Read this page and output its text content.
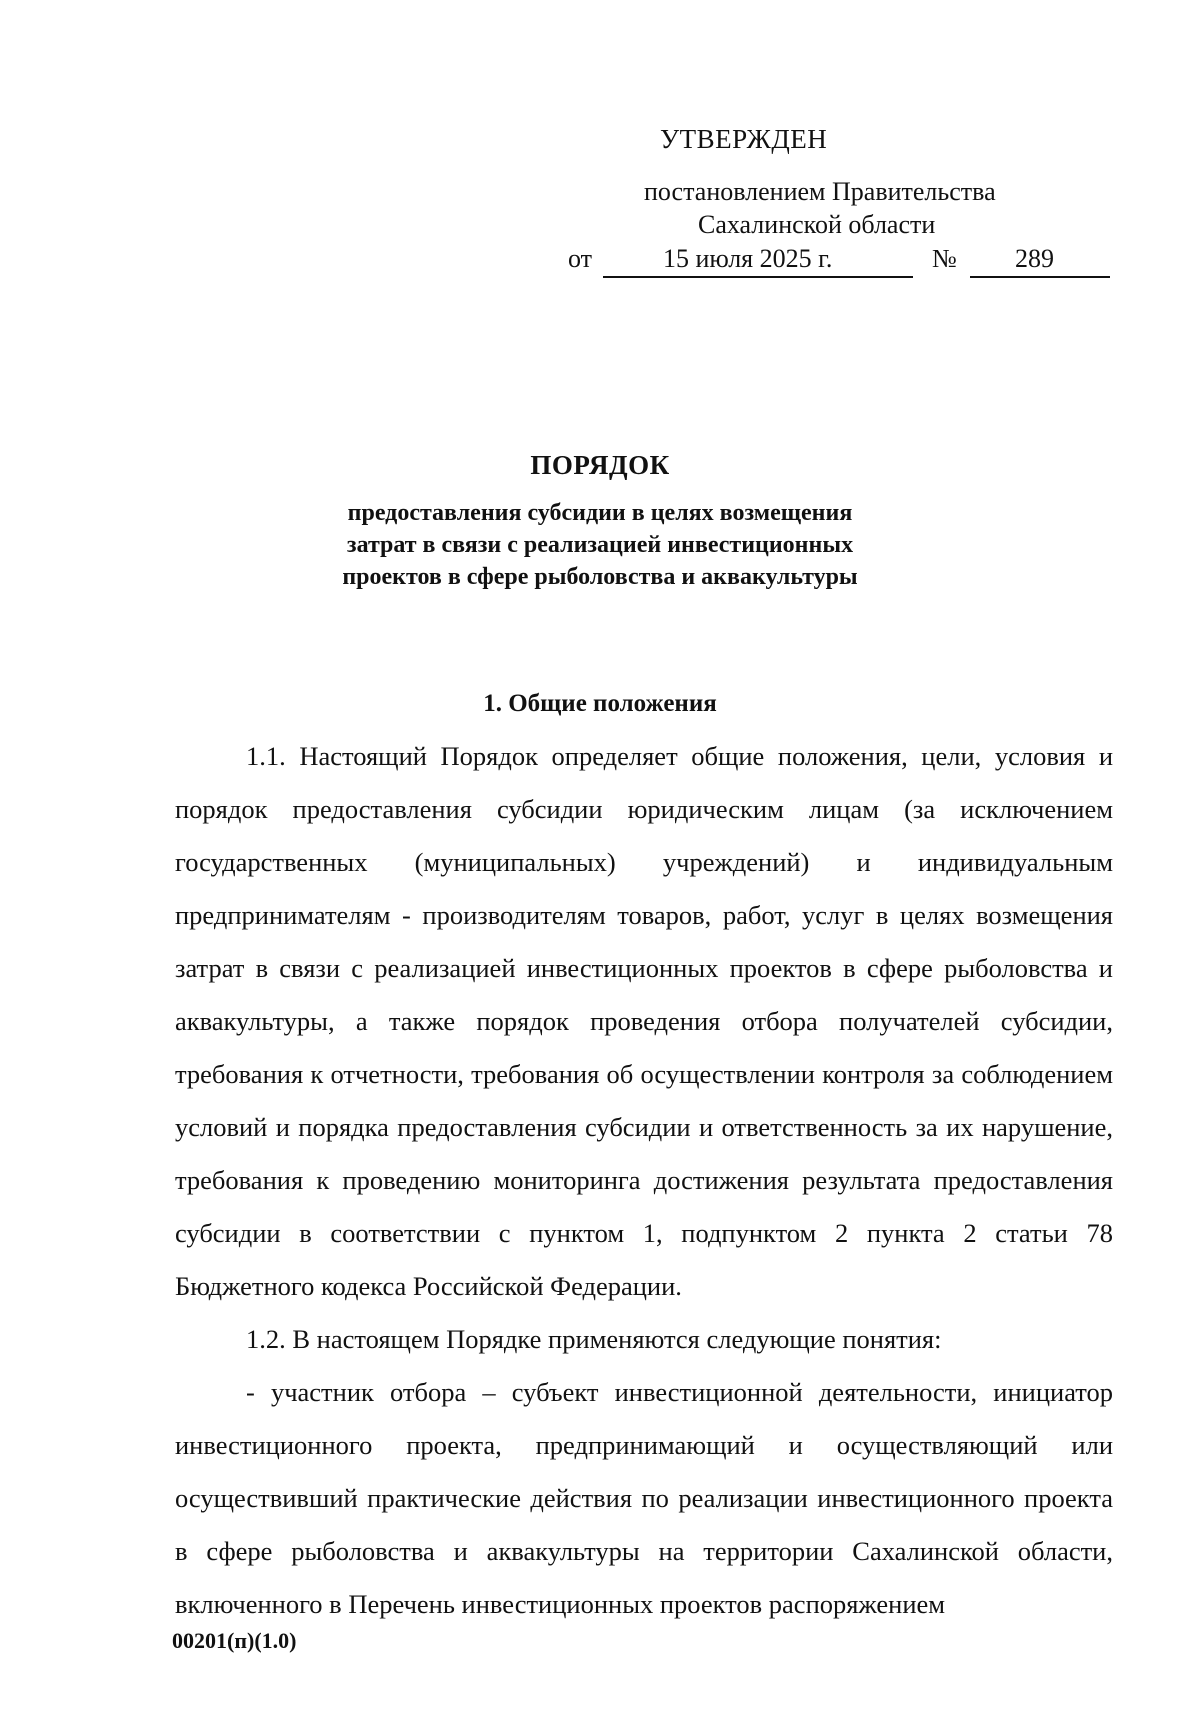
УТВЕРЖДЕН
постановлением Правительства
Сахалинской области
от	15 июля 2025 г.	№ 289
ПОРЯДОК
предоставления субсидии в целях возмещения
затрат в связи с реализацией инвестиционных
проектов в сфере рыболовства и аквакультуры
1. Общие положения

1.1. Настоящий Порядок определяет общие положения, цели, условия и порядок предоставления субсидии юридическим лицам (за исключением государственных (муниципальных) учреждений) и индивидуальным предпринимателям - производителям товаров, работ, услуг в целях возмещения затрат в связи с реализацией инвестиционных проектов в сфере рыболовства и аквакультуры, а также порядок проведения отбора получателей субсидии, требования к отчетности, требования об осуществлении контроля за соблюдением условий и порядка предоставления субсидии и ответственность за их нарушение, требования к проведению мониторинга достижения результата предоставления субсидии в соответствии с пунктом 1, подпунктом 2 пункта 2 статьи 78 Бюджетного кодекса Российской Федерации.

1.2. В настоящем Порядке применяются следующие понятия:

- участник отбора – субъект инвестиционной деятельности, инициатор инвестиционного проекта, предпринимающий и осуществляющий или осуществивший практические действия по реализации инвестиционного проекта в сфере рыболовства и аквакультуры на территории Сахалинской области, включенного в Перечень инвестиционных проектов распоряжением

00201(п)(1.0)
